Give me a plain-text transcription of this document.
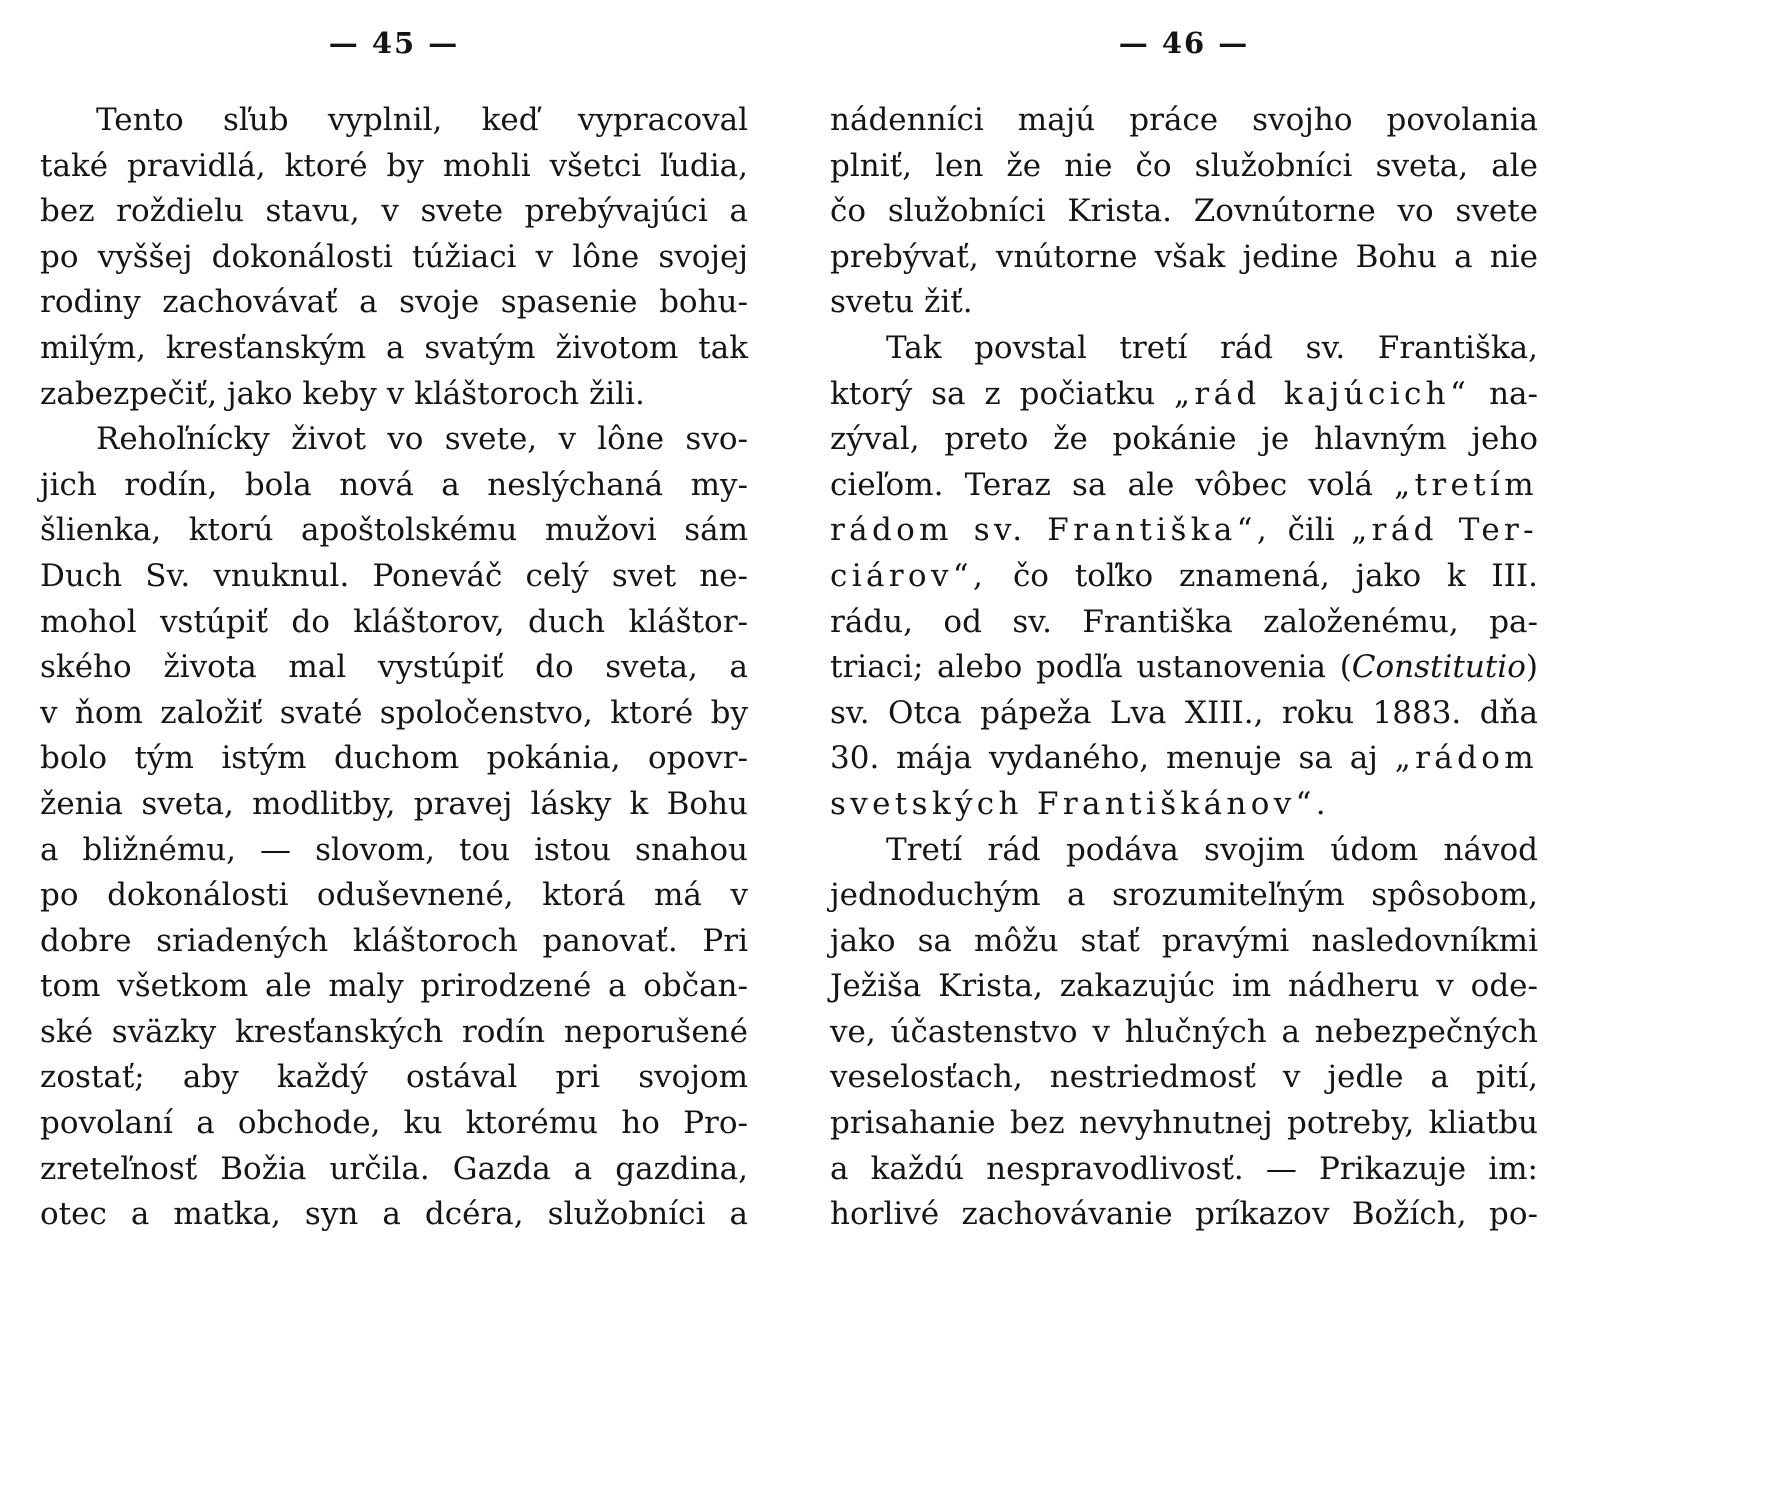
— 45 —
Tento sľub vyplnil, keď vypracoval
také pravidlá, ktoré by mohli všetci ľudia,
bez roždielu stavu, v svete prebývajúci a
po vyššej dokonálosti túžiaci v lône svojej
rodiny zachovávať a svoje spasenie bohu-
milým, kresťanským a svatým životom tak
zabezpečiť, jako keby v kláštoroch žili.
Rehoľnícky život vo svete, v lône svo-
jich rodín, bola nová a neslýchaná my-
šlienka, ktorú apoštolskému mužovi sám
Duch Sv. vnuknul. Poneváč celý svet ne-
mohol vstúpiť do kláštorov, duch kláštor-
ského života mal vystúpiť do sveta, a
v ňom založiť svaté spoločenstvo, ktoré by
bolo tým istým duchom pokánia, opovr-
ženia sveta, modlitby, pravej lásky k Bohu
a bližnému, — slovom, tou istou snahou
po dokonálosti oduševnené, ktorá má v
dobre sriadených kláštoroch panovať. Pri
tom všetkom ale maly prirodzené a občan-
ské sväzky kresťanských rodín neporušené
zostať; aby každý ostával pri svojom
povolaní a obchode, ku ktorému ho Pro-
zreteľnosť Božia určila. Gazda a gazdina,
otec a matka, syn a dcéra, služobníci a
— 46 —
nádenníci majú práce svojho povolania
plniť, len že nie čo služobníci sveta, ale
čo služobníci Krista. Zovnútorne vo svete
prebývať, vnútorne však jedine Bohu a nie
svetu žiť.
Tak povstal tretí rád sv. Františka,
ktorý sa z počiatku „rád kajúcich“ na-
zýval, preto že pokánie je hlavným jeho
cieľom. Teraz sa ale vôbec volá „tretím
rádom sv. Františka“, čili „rád Ter-
ciárov“, čo toľko znamená, jako k III.
rádu, od sv. Františka založenému, pa-
triaci; alebo podľa ustanovenia (Constitutio)
sv. Otca pápeža Lva XIII., roku 1883. dňa
30. mája vydaného, menuje sa aj „rádom
svetských Františkánov“.
Tretí rád podáva svojim údom návod
jednoduchým a srozumiteľným spôsobom,
jako sa môžu stať pravými nasledovníkmi
Ježiša Krista, zakazujúc im nádheru v ode-
ve, účastenstvo v hlučných a nebezpečných
veselosťach, nestriedmosť v jedle a pití,
prisahanie bez nevyhnutnej potreby, kliatbu
a každú nespravodlivosť. — Prikazuje im:
horlivé zachovávanie príkazov Božích, po-
